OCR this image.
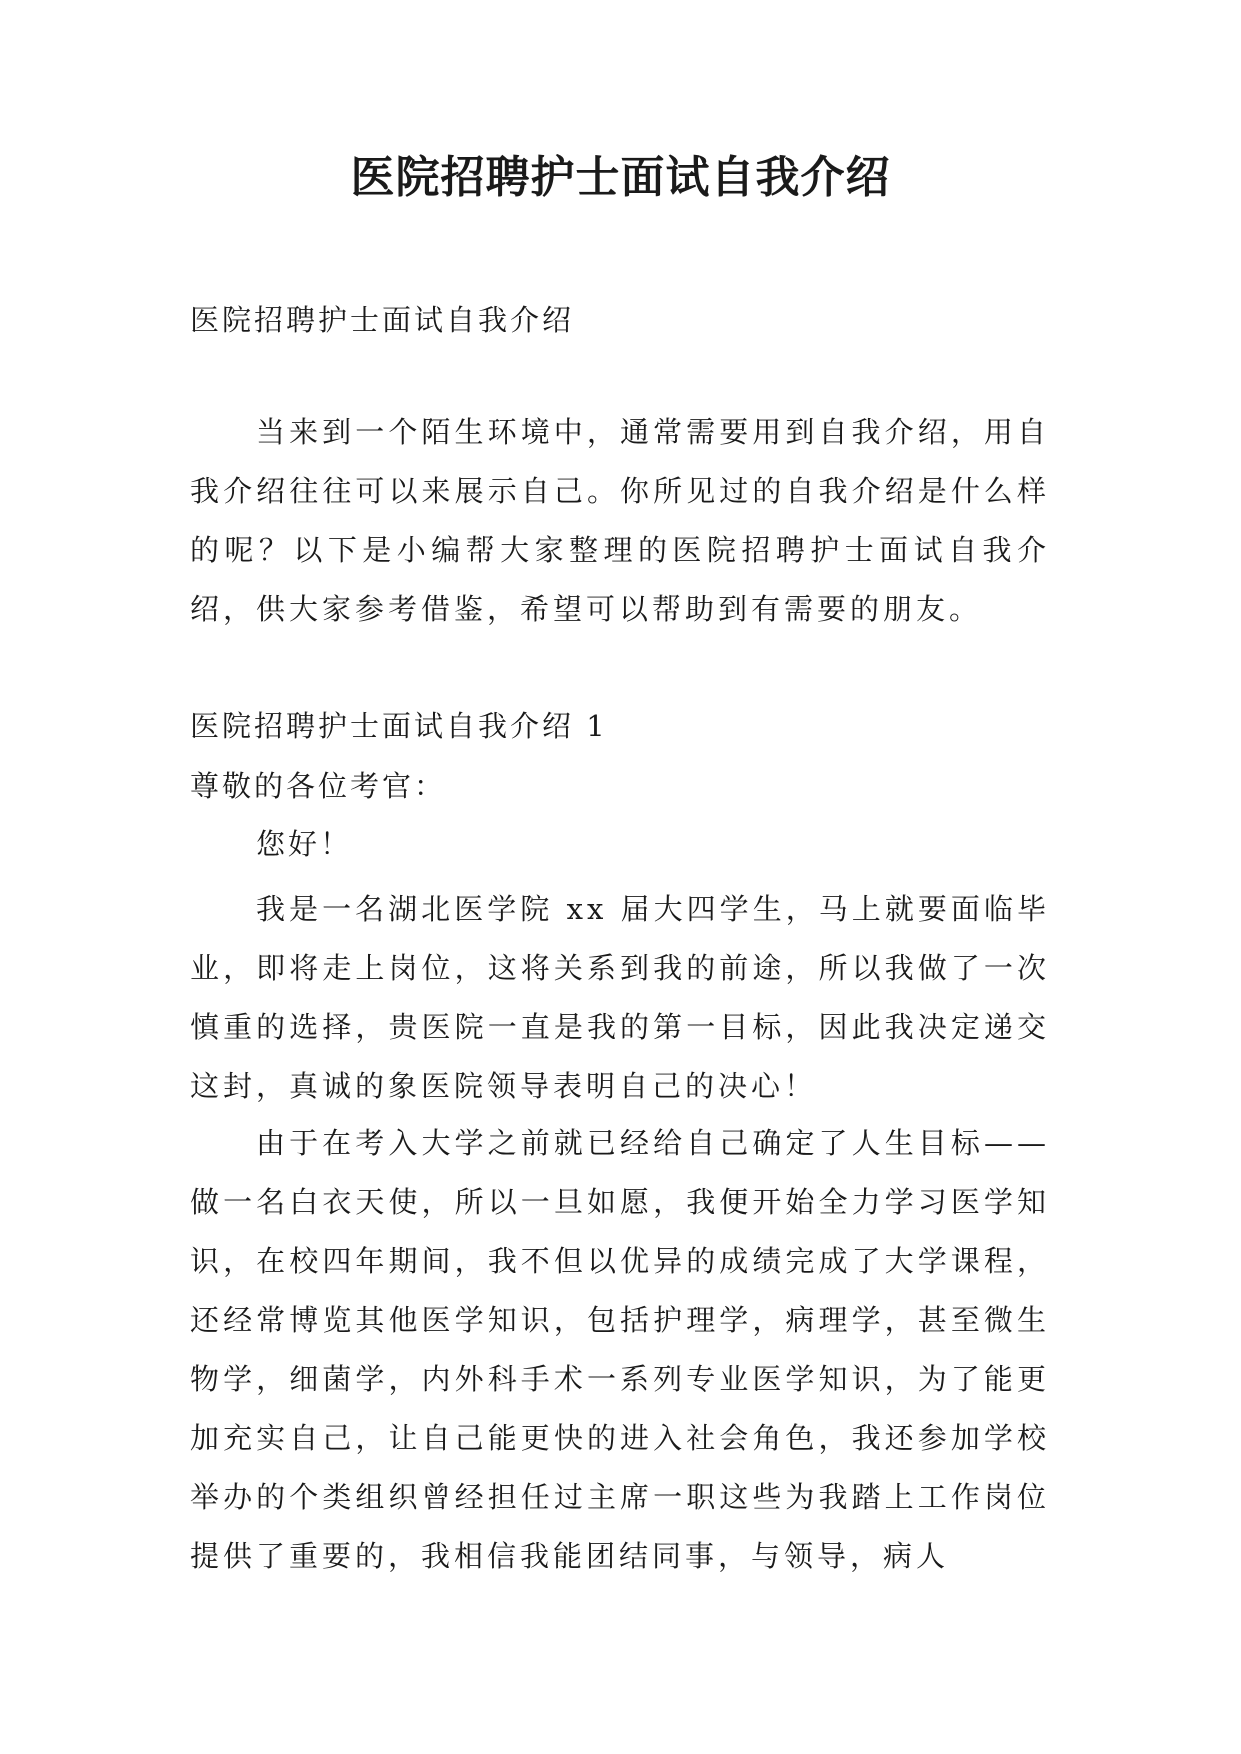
医院招聘护士面试自我介绍

医院招聘护士面试自我介绍

当来到一个陌生环境中，通常需要用到自我介绍，用自我介绍往往可以来展示自己。你所见过的自我介绍是什么样的呢？以下是小编帮大家整理的医院招聘护士面试自我介绍，供大家参考借鉴，希望可以帮助到有需要的朋友。

医院招聘护士面试自我介绍 1

尊敬的各位考官：

您好！

我是一名湖北医学院 xx 届大四学生，马上就要面临毕业，即将走上岗位，这将关系到我的前途，所以我做了一次慎重的选择，贵医院一直是我的第一目标，因此我决定递交这封，真诚的象医院领导表明自己的决心！

由于在考入大学之前就已经给自己确定了人生目标——做一名白衣天使，所以一旦如愿，我便开始全力学习医学知识，在校四年期间，我不但以优异的成绩完成了大学课程，还经常博览其他医学知识，包括护理学，病理学，甚至微生物学，细菌学，内外科手术一系列专业医学知识，为了能更加充实自己，让自己能更快的进入社会角色，我还参加学校举办的个类组织曾经担任过主席一职这些为我踏上工作岗位提供了重要的，我相信我能团结同事，与领导，病人
